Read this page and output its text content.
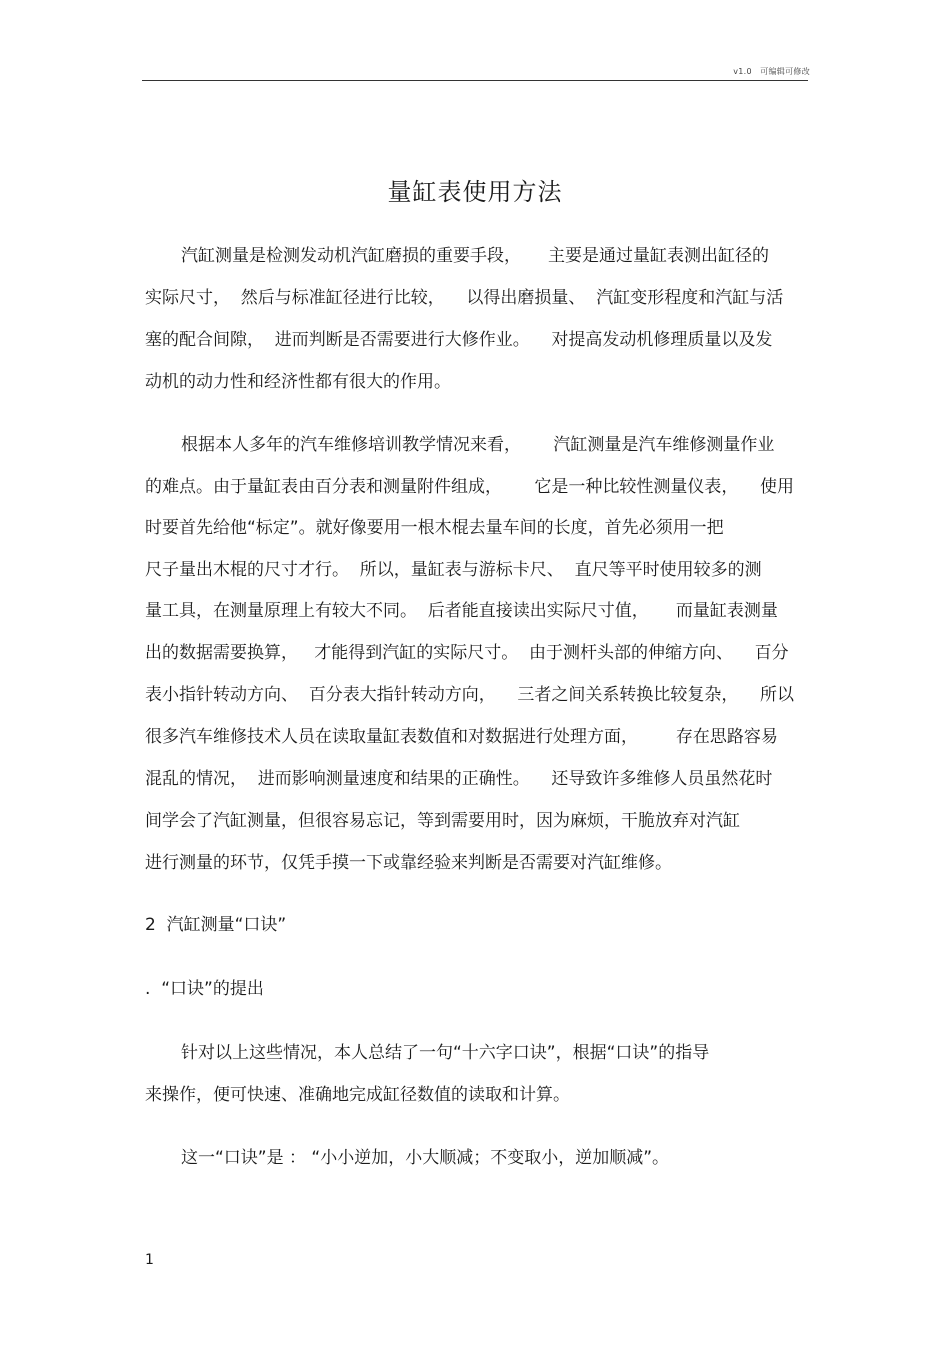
v1.0　可编辑可修改
量缸表使用方法
汽缸测量是检测发动机汽缸磨损的重要手段，     主要是通过量缸表测出缸径的
实际尺寸，  然后与标准缸径进行比较，    以得出磨损量、  汽缸变形程度和汽缸与活
塞的配合间隙，  进而判断是否需要进行大修作业。    对提高发动机修理质量以及发
动机的动力性和经济性都有很大的作用。
根据本人多年的汽车维修培训教学情况来看，      汽缸测量是汽车维修测量作业
的难点。由于量缸表由百分表和测量附件组成，      它是一种比较性测量仪表，    使用
时要首先给他“标定”。就好像要用一根木棍去量车间的长度，首先必须用一把
尺子量出木棍的尺寸才行。  所以，量缸表与游标卡尺、  直尺等平时使用较多的测
量工具，在测量原理上有较大不同。  后者能直接读出实际尺寸值，     而量缸表测量
出的数据需要换算，   才能得到汽缸的实际尺寸。  由于测杆头部的伸缩方向、    百分
表小指针转动方向、  百分表大指针转动方向，    三者之间关系转换比较复杂，    所以
很多汽车维修技术人员在读取量缸表数值和对数据进行处理方面，       存在思路容易
混乱的情况，  进而影响测量速度和结果的正确性。    还导致许多维修人员虽然花时
间学会了汽缸测量，但很容易忘记，等到需要用时，因为麻烦，干脆放弃对汽缸
进行测量的环节，仅凭手摸一下或靠经验来判断是否需要对汽缸维修。
2  汽缸测量“口诀”
.  “口诀”的提出
针对以上这些情况，本人总结了一句“十六字口诀”，根据“口诀”的指导
来操作，便可快速、准确地完成缸径数值的读取和计算。
这一“口诀”是 ： “小小逆加，小大顺减；不变取小，逆加顺减”。
1
